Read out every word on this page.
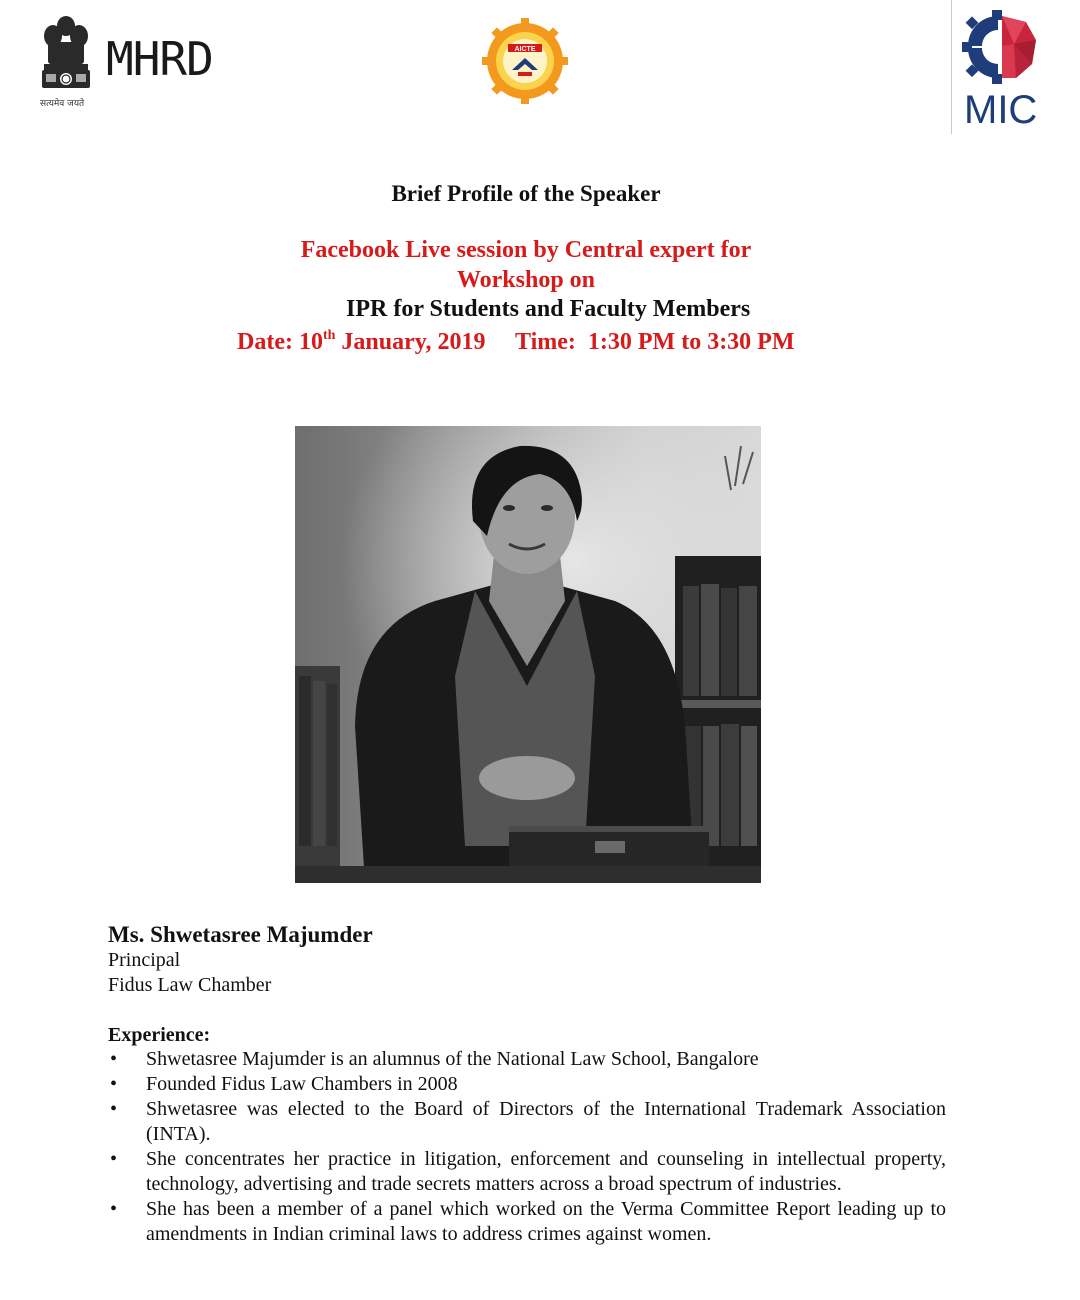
MHRD
सत्यमेव जयते
AICTE
MIC
Brief Profile of the Speaker
Facebook Live session by Central expert for
Workshop on
IPR for Students and Faculty Members
Date: 10th January, 2019     Time:  1:30 PM to 3:30 PM
Ms. Shwetasree Majumder
Principal
Fidus Law Chamber
Experience:
• Shwetasree Majumder is an alumnus of the National Law School, Bangalore
• Founded Fidus Law Chambers in 2008
• Shwetasree was elected to the Board of Directors of the International Trademark Association (INTA).
• She concentrates her practice in litigation, enforcement and counseling in intellectual property, technology, advertising and trade secrets matters across a broad spectrum of industries.
• She has been a member of a panel which worked on the Verma Committee Report leading up to amendments in Indian criminal laws to address crimes against women.
